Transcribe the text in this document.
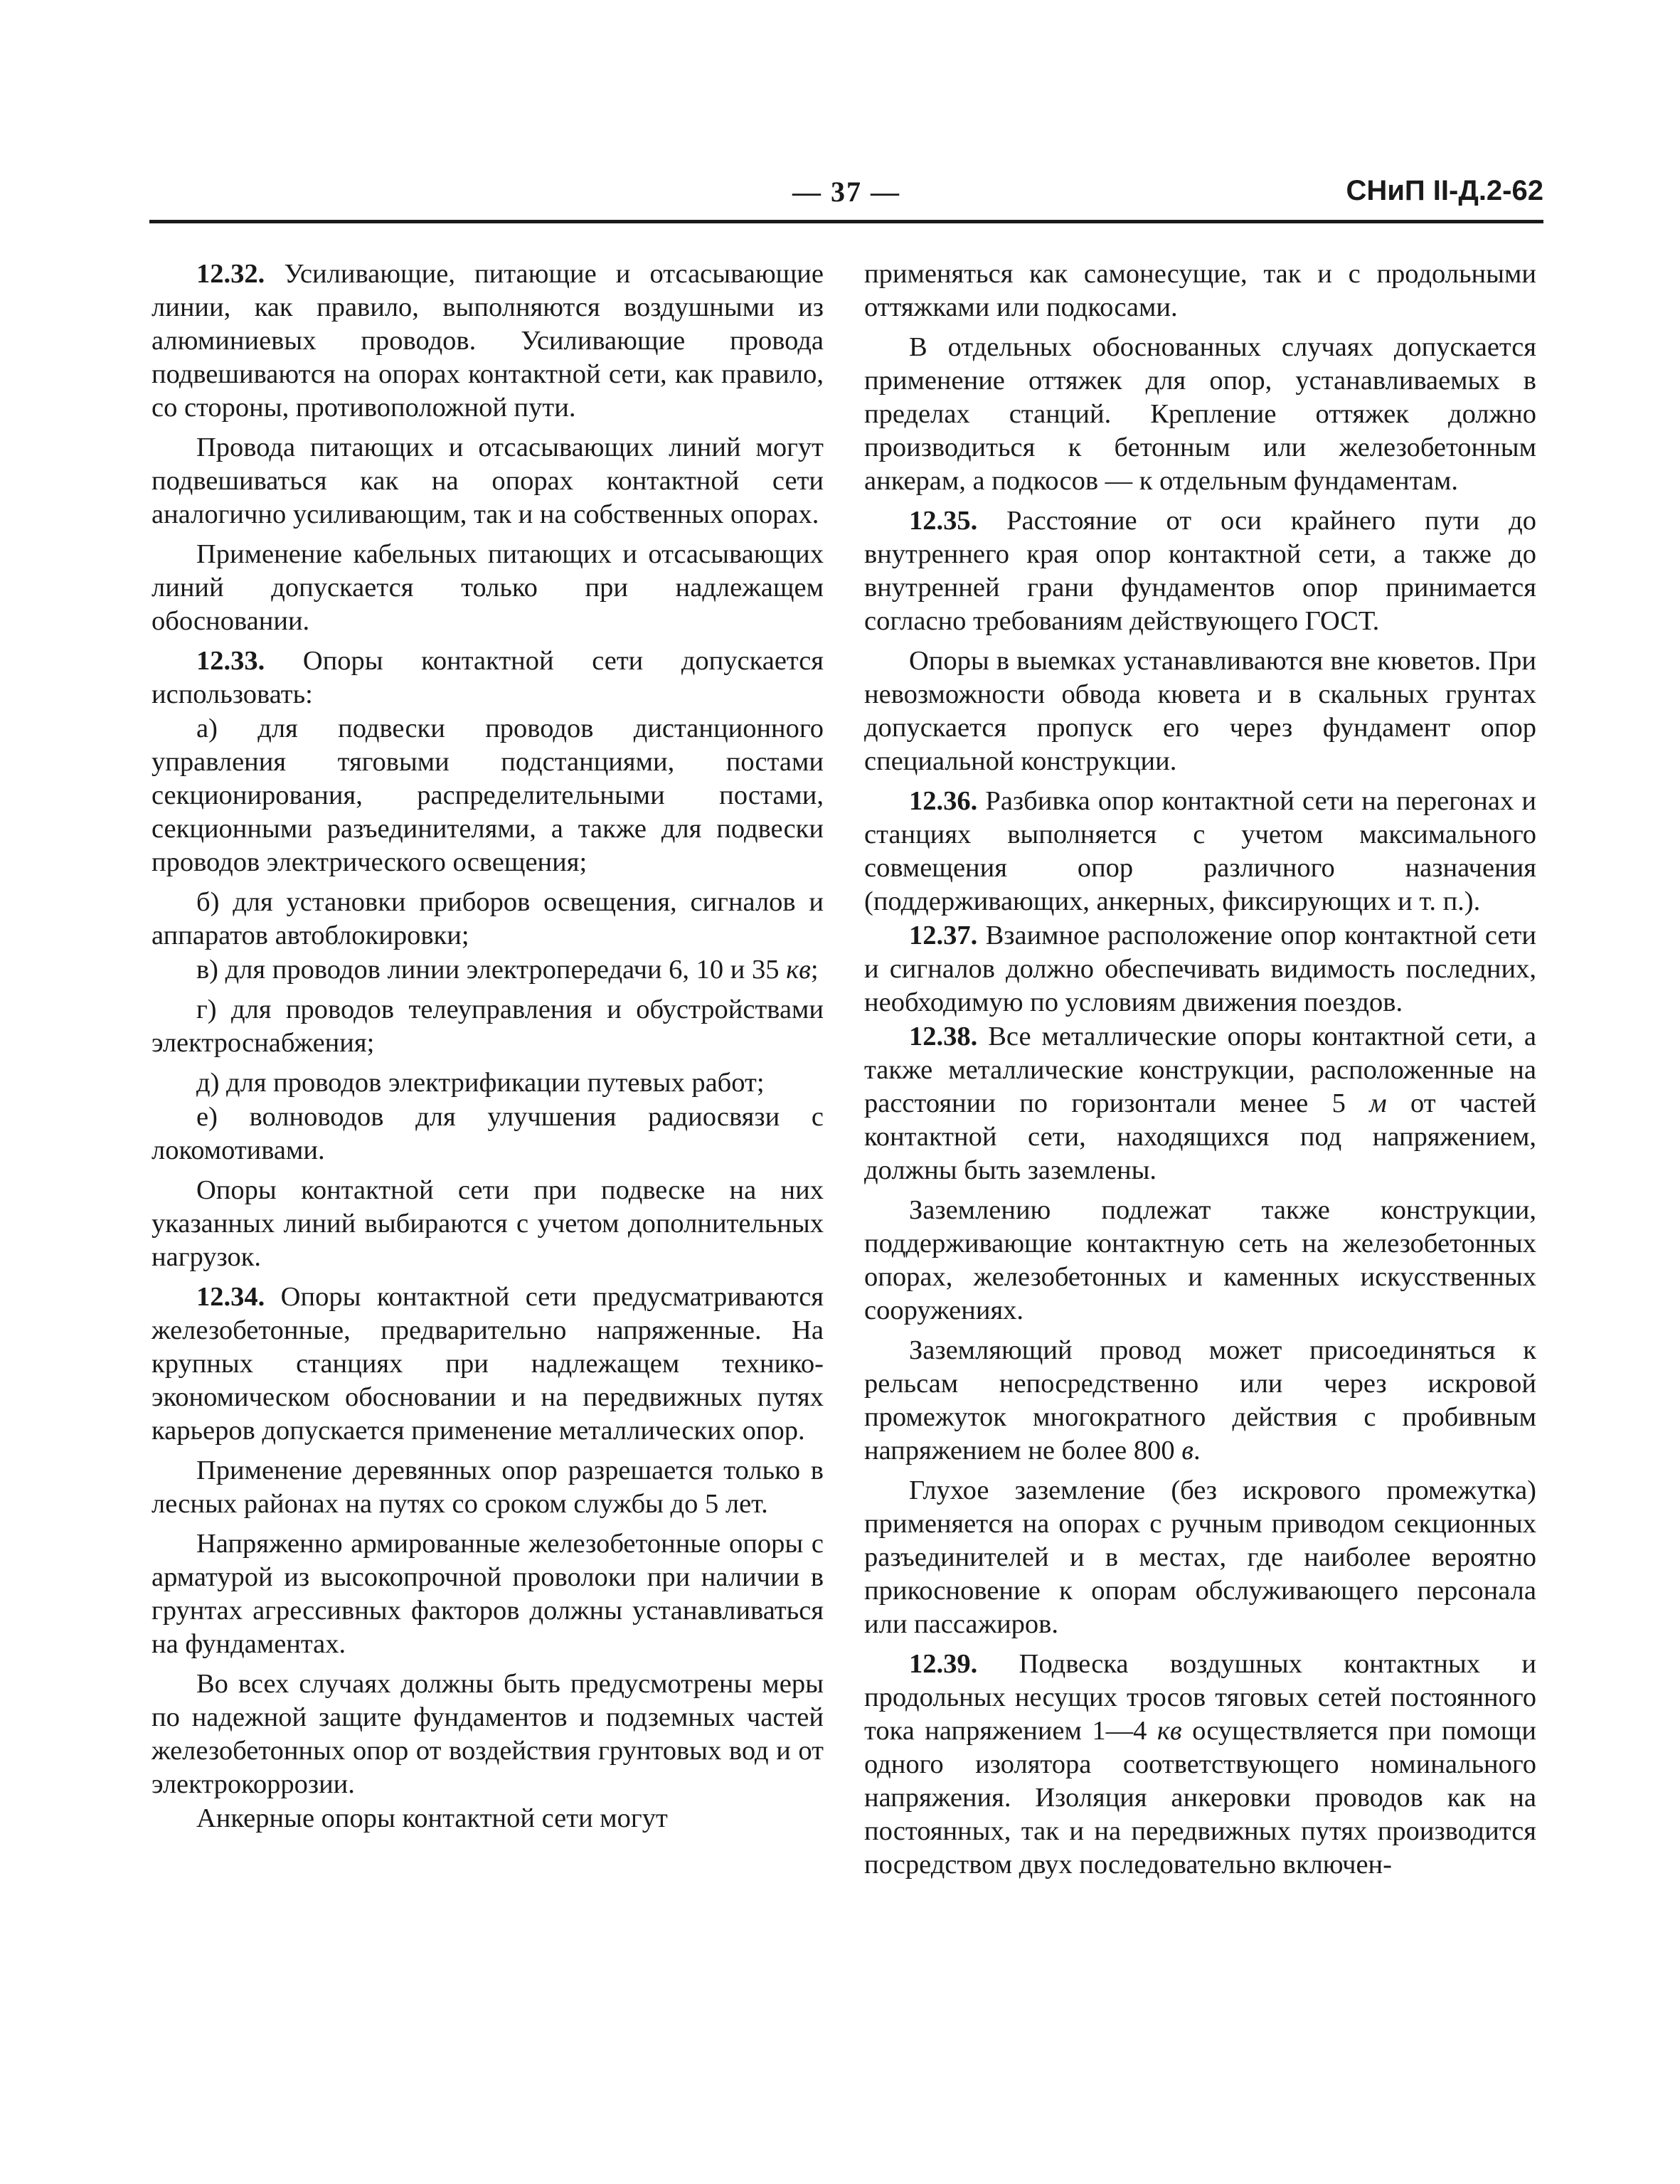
— 37 —	СНиП II-Д.2-62

12.32. Усиливающие, питающие и отсасывающие линии, как правило, выполняются воздушными из алюминиевых проводов. Усиливающие провода подвешиваются на опорах контактной сети, как правило, со стороны, противоположной пути.

Провода питающих и отсасывающих линий могут подвешиваться как на опорах контактной сети аналогично усиливающим, так и на собственных опорах.

Применение кабельных питающих и отсасывающих линий допускается только при надлежащем обосновании.

12.33. Опоры контактной сети допускается использовать:

а) для подвески проводов дистанционного управления тяговыми подстанциями, постами секционирования, распределительными постами, секционными разъединителями, а также для подвески проводов электрического освещения;

б) для установки приборов освещения, сигналов и аппаратов автоблокировки;

в) для проводов линии электропередачи 6, 10 и 35 кв;

г) для проводов телеуправления и обустройствами электроснабжения;

д) для проводов электрификации путевых работ;

е) волноводов для улучшения радиосвязи с локомотивами.

Опоры контактной сети при подвеске на них указанных линий выбираются с учетом дополнительных нагрузок.

12.34. Опоры контактной сети предусматриваются железобетонные, предварительно напряженные. На крупных станциях при надлежащем технико-экономическом обосновании и на передвижных путях карьеров допускается применение металлических опор.

Применение деревянных опор разрешается только в лесных районах на путях со сроком службы до 5 лет.

Напряженно армированные железобетонные опоры с арматурой из высокопрочной проволоки при наличии в грунтах агрессивных факторов должны устанавливаться на фундаментах.

Во всех случаях должны быть предусмотрены меры по надежной защите фундаментов и подземных частей железобетонных опор от воздействия грунтовых вод и от электрокоррозии.

Анкерные опоры контактной сети могут

применяться как самонесущие, так и с продольными оттяжками или подкосами.

В отдельных обоснованных случаях допускается применение оттяжек для опор, устанавливаемых в пределах станций. Крепление оттяжек должно производиться к бетонным или железобетонным анкерам, а подкосов — к отдельным фундаментам.

12.35. Расстояние от оси крайнего пути до внутреннего края опор контактной сети, а также до внутренней грани фундаментов опор принимается согласно требованиям действующего ГОСТ.

Опоры в выемках устанавливаются вне кюветов. При невозможности обвода кювета и в скальных грунтах допускается пропуск его через фундамент опор специальной конструкции.

12.36. Разбивка опор контактной сети на перегонах и станциях выполняется с учетом максимального совмещения опор различного назначения (поддерживающих, анкерных, фиксирующих и т. п.).

12.37. Взаимное расположение опор контактной сети и сигналов должно обеспечивать видимость последних, необходимую по условиям движения поездов.

12.38. Все металлические опоры контактной сети, а также металлические конструкции, расположенные на расстоянии по горизонтали менее 5 м от частей контактной сети, находящихся под напряжением, должны быть заземлены.

Заземлению подлежат также конструкции, поддерживающие контактную сеть на железобетонных опорах, железобетонных и каменных искусственных сооружениях.

Заземляющий провод может присоединяться к рельсам непосредственно или через искровой промежуток многократного действия с пробивным напряжением не более 800 в.

Глухое заземление (без искрового промежутка) применяется на опорах с ручным приводом секционных разъединителей и в местах, где наиболее вероятно прикосновение к опорам обслуживающего персонала или пассажиров.

12.39. Подвеска воздушных контактных и продольных несущих тросов тяговых сетей постоянного тока напряжением 1—4 кв осуществляется при помощи одного изолятора соответствующего номинального напряжения. Изоляция анкеровки проводов как на постоянных, так и на передвижных путях производится посредством двух последовательно включен-
